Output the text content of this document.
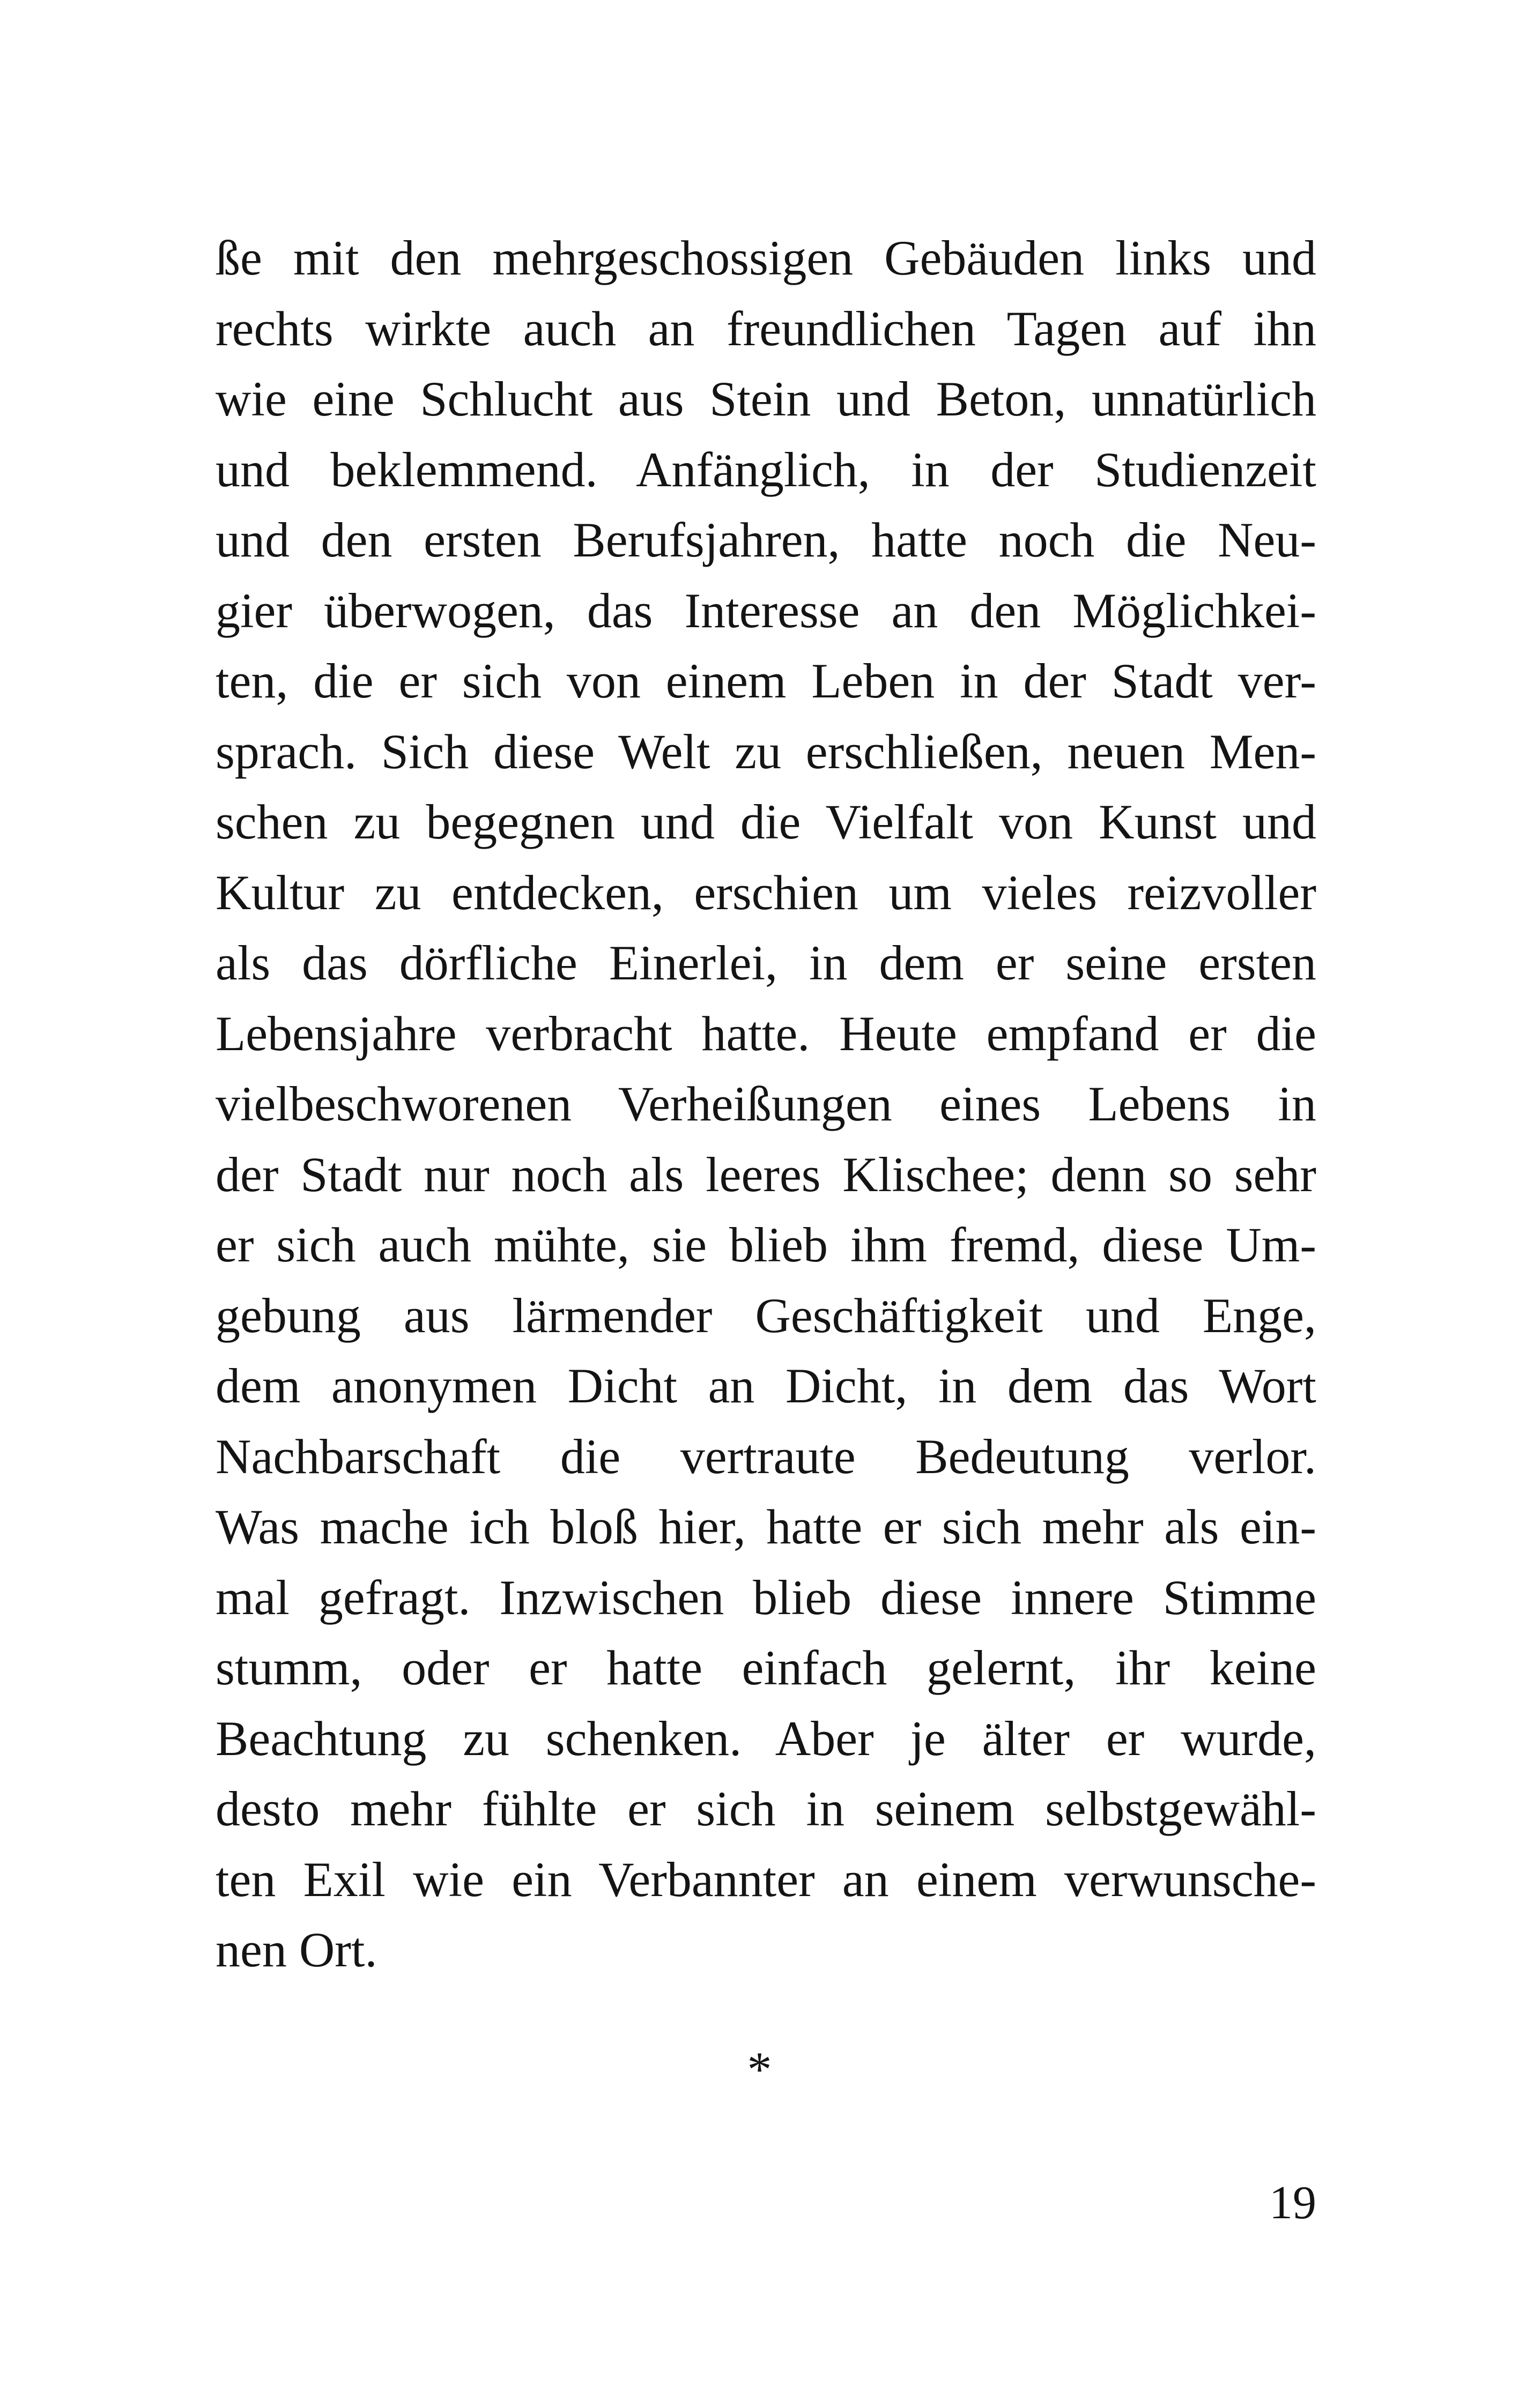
ße mit den mehrgeschossigen Gebäuden links und
rechts wirkte auch an freundlichen Tagen auf ihn
wie eine Schlucht aus Stein und Beton, unnatürlich
und beklemmend. Anfänglich, in der Studienzeit
und den ersten Berufsjahren, hatte noch die Neu-
gier überwogen, das Interesse an den Möglichkei-
ten, die er sich von einem Leben in der Stadt ver-
sprach. Sich diese Welt zu erschließen, neuen Men-
schen zu begegnen und die Vielfalt von Kunst und
Kultur zu entdecken, erschien um vieles reizvoller
als das dörfliche Einerlei, in dem er seine ersten
Lebensjahre verbracht hatte. Heute empfand er die
vielbeschworenen Verheißungen eines Lebens in
der Stadt nur noch als leeres Klischee; denn so sehr
er sich auch mühte, sie blieb ihm fremd, diese Um-
gebung aus lärmender Geschäftigkeit und Enge,
dem anonymen Dicht an Dicht, in dem das Wort
Nachbarschaft die vertraute Bedeutung verlor.
Was mache ich bloß hier, hatte er sich mehr als ein-
mal gefragt. Inzwischen blieb diese innere Stimme
stumm, oder er hatte einfach gelernt, ihr keine
Beachtung zu schenken. Aber je älter er wurde,
desto mehr fühlte er sich in seinem selbstgewähl-
ten Exil wie ein Verbannter an einem verwunsche-
nen Ort.
*
19
